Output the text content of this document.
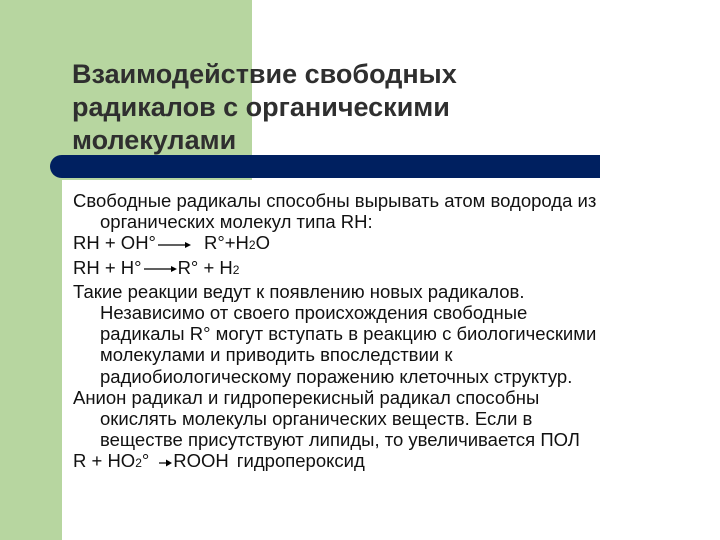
Взаимодействие свободных
радикалов с органическими
молекулами

Свободные радикалы способны вырывать атом водорода из
органических молекул типа RH:

RH + OH°→ R°+H2O
RH + H°→R° + H2

Такие реакции ведут к появлению новых радикалов.
Независимо от своего происхождения свободные
радикалы R° могут вступать в реакцию с биологическими
молекулами и приводить впоследствии к
радиобиологическому поражению клеточных структур.

Анион радикал и гидроперекисный радикал способны
окислять молекулы органических веществ. Если в
веществе присутствуют липиды, то увеличивается ПОЛ

R + HO2° →ROOH гидропероксид
